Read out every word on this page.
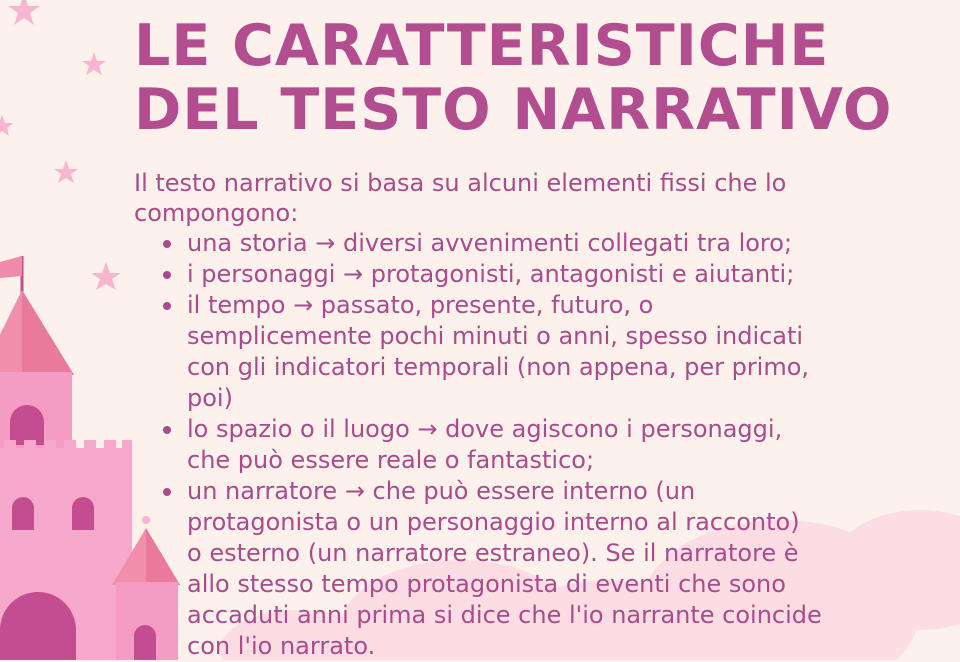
LE CARATTERISTICHE
DEL TESTO NARRATIVO

Il testo narrativo si basa su alcuni elementi fissi che lo
compongono:

una storia → diversi avvenimenti collegati tra loro;
i personaggi → protagonisti, antagonisti e aiutanti;
il tempo → passato, presente, futuro, o
semplicemente pochi minuti o anni, spesso indicati
con gli indicatori temporali (non appena, per primo,
poi)
lo spazio o il luogo → dove agiscono i personaggi,
che può essere reale o fantastico;
un narratore → che può essere interno (un
protagonista o un personaggio interno al racconto)
o esterno (un narratore estraneo). Se il narratore è
allo stesso tempo protagonista di eventi che sono
accaduti anni prima si dice che l'io narrante coincide
con l'io narrato.
